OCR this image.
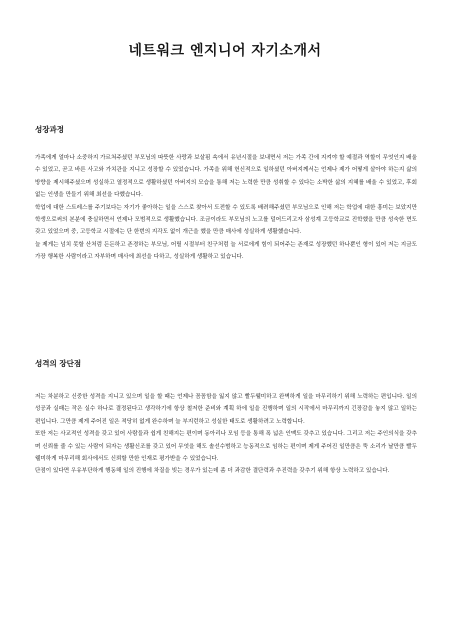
네트워크 엔지니어 자기소개서
성장과정

가족에게 얼마나 소중하지 가르쳐주셨던 부모님의 따뜻한 사랑과 보살핌 속에서 유년시절을 보내면서 저는 가족 간에 지켜야 할 예절과 역할이 무엇인지 배울 수 있었고, 곧고 바른 사고와 가치관을 지니고 성장할 수 있었습니다. 가족을 위해 헌신적으로 일하셨던 아버지께서는 언제나 제가 어떻게 살아야 하는지 삶의 방향을 제시해주셨으며 성실하고 열정적으로 생활하셨던 아버지의 모습을 통해 저는 노력한 만큼 성취할 수 있다는 소박한 삶의 지혜를 배울 수 있었고, 후회 없는 인생을 만들기 위해 최선을 다했습니다.

학업에 대한 스트레스를 주기보다는 자기가 좋아하는 일을 스스로 찾아서 도전할 수 있도록 배려해주셨던 부모님으로 인해 저는 학업에 대한 흥미는 보았지만 학생으로써의 본분에 충실하면서 언제나 모범적으로 생활했습니다. 조금이라도 부모님의 노고를 덜어드리고자 삼성계 고등학교로 진학했을 만큼 성숙한 면도 갖고 있었으며 중, 고등학교 시절에는 단 한번의 지각도 없이 개근을 했을 만큼 매사에 성실하게 생활했습니다.

늘 제게는 넘치 못할 산처럼 든든하고 존경하는 부모님, 어릴 시절부터 친구처럼 늘 서로에게 힘이 되어주는 존재로 성장했던 하나뿐인 형이 있어 저는 지금도 가장 행복한 사람이라고 자부하며 매사에 최선을 다하고, 성실하게 생활하고 있습니다.

성격의 장단점

저는 차분하고 신중한 성격을 지니고 있으며 일을 할 때는 언제나 꼼꼼함을 잃지 않고 빨두웰미하고 완벽하게 일을 마무리하기 위해 노력하는 편입니다. 일의 성공과 실패는 작은 실수 하나로 결정된다고 생각하기에 항상 철저한 준비와 계획 하에 일을 진행하며 일의 시작에서 마무리까지 긴장감을 놓지 않고 일하는 편입니다. 그만큼 제게 주어진 일은 적당히 없게 완수하며 늘 부지런하고 성실한 태도로 생활하려고 노력합니다.

또한 저는 사교적인 성격을 갖고 있어 사람들과 쉽게 친해지는 편이며 동아리나 모임 등을 통해 폭 넓은 인맥도 갖추고 있습니다. 그리고 저는 주인의식을 갖추며 신뢰를 줄 수 있는 사람이 되자는 생활신조를 갖고 있어 무엇을 해도 솔선수범하고 능동적으로 임하는 편이며 제게 주어진 일만큼은 뚝 소리가 날만큼 빨두웰미하게 마무리해 회사에서도 신뢰할 만한 인재로 평가받을 수 있었습니다.

단점이 있다면 우유부단하게 행동해 일의 진행에 차질을 빚는 경우가 있는데 좀 더 과감한 결단력과 추진력을 갖추기 위해 항상 노력하고 있습니다.
